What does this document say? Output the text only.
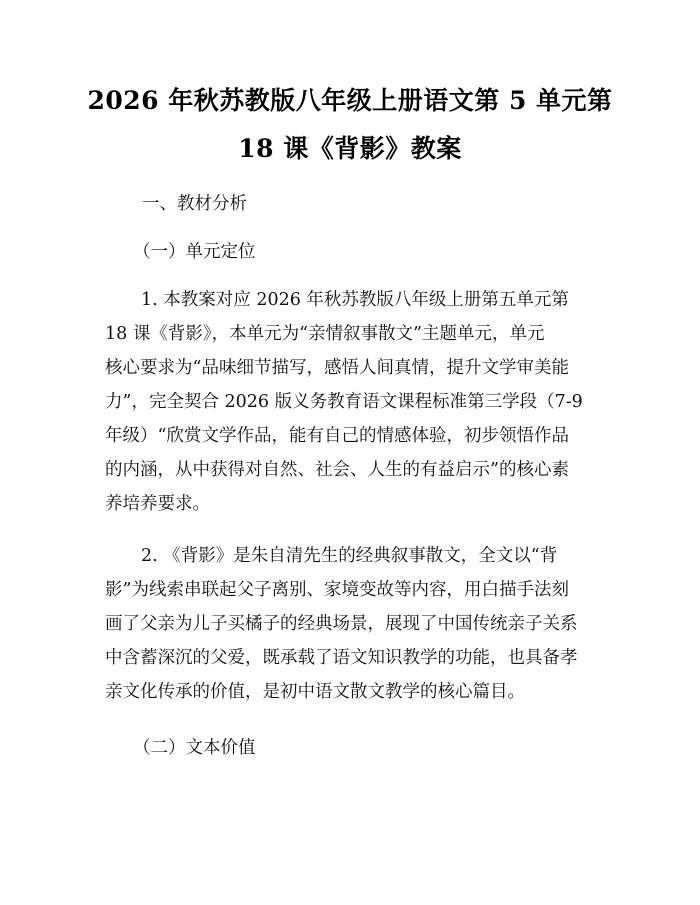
2026 年秋苏教版八年级上册语文第 5 单元第
18 课《背影》教案
一、教材分析
（一）单元定位
1. 本教案对应 2026 年秋苏教版八年级上册第五单元第
18 课《背影》，本单元为“亲情叙事散文”主题单元，单元
核心要求为“品味细节描写，感悟人间真情，提升文学审美能
力”，完全契合 2026 版义务教育语文课程标准第三学段（7-9
年级）“欣赏文学作品，能有自己的情感体验，初步领悟作品
的内涵，从中获得对自然、社会、人生的有益启示”的核心素
养培养要求。
2. 《背影》是朱自清先生的经典叙事散文，全文以“背
影”为线索串联起父子离别、家境变故等内容，用白描手法刻
画了父亲为儿子买橘子的经典场景，展现了中国传统亲子关系
中含蓄深沉的父爱，既承载了语文知识教学的功能，也具备孝
亲文化传承的价值，是初中语文散文教学的核心篇目。
（二）文本价值
